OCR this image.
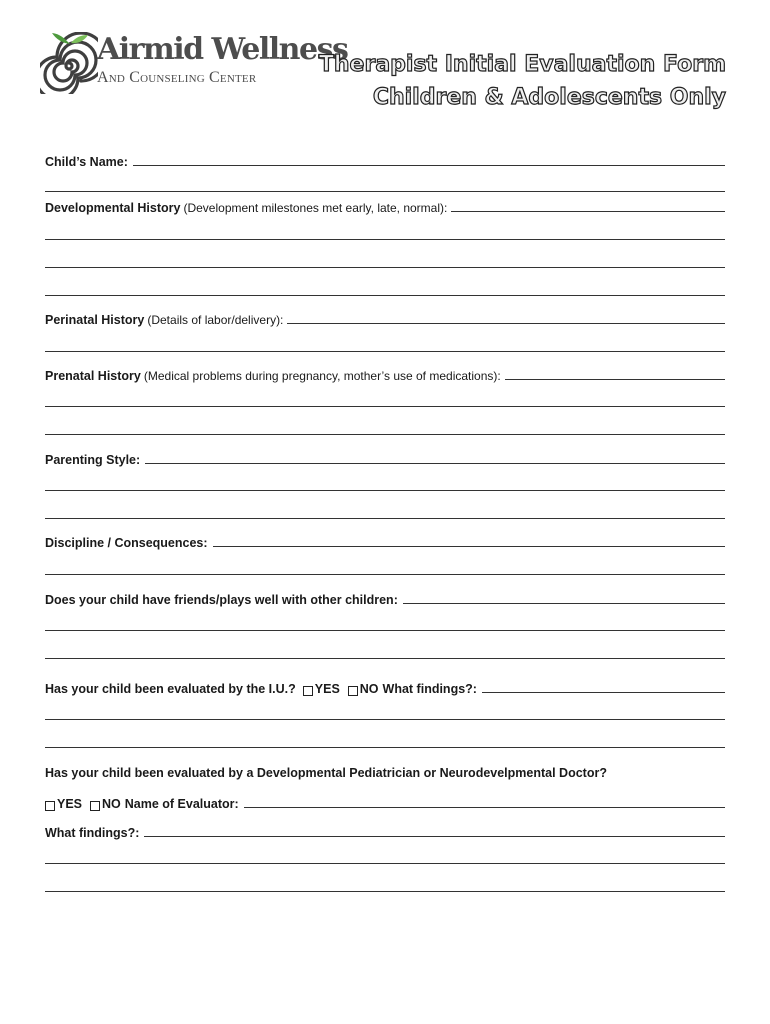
Airmid Wellness
And Counseling Center
Therapist Initial Evaluation Form
Children & Adolescents Only
Child’s Name:
Developmental History (Development milestones met early, late, normal):
Perinatal History (Details of labor/delivery):
Prenatal History (Medical problems during pregnancy, mother’s use of medications):
Parenting Style:
Discipline / Consequences:
Does your child have friends/plays well with other children:
Has your child been evaluated by the I.U.? YES	NO What findings?:
Has your child been evaluated by a Developmental Pediatrician or Neurodevelpmental Doctor?
YES	NO Name of Evaluator:
What findings?:
